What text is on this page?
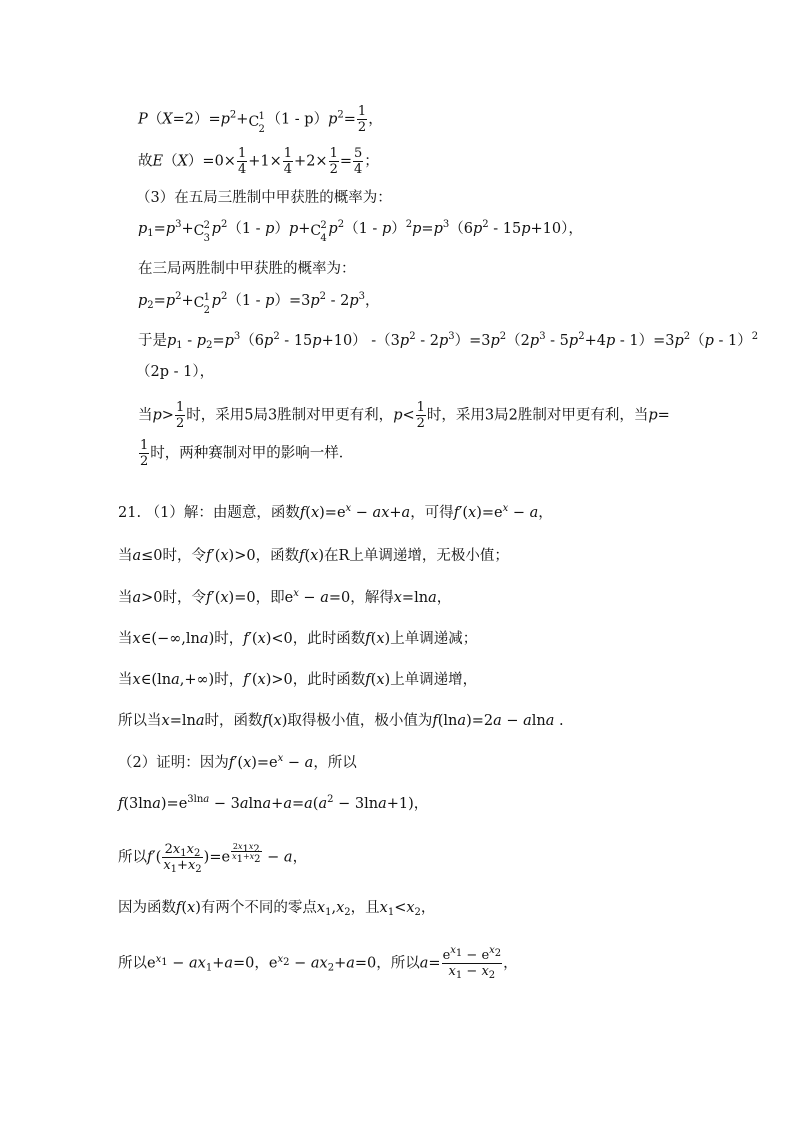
$P(X=2)=p^2+ C$ 1
2
$(1 - p)p^2= \frac{1}{2}$ ，
故$E(X)=0\times \frac{1}{4} +1\times \frac{1}{4} +2\times \frac{1}{2} = \frac{5}{4}$ ；
（3）在五局三胜制中甲获胜的概率为：
$p_1=p^3+ C$ 2
3
$p^2(1 - p)p+ C$ 2
4
$p^2(1 - p)^2p=p^3(6p^2 - 15p+10)$，
在三局两胜制中甲获胜的概率为：
$p_2=p^2+ C$ 1
2
$p^2(1 - p)=3p^2 - 2p^3$，
于是$p_1 - p_2=p^3(6p^2 - 15p+10)$ $-(3p^2 - 2p^3)=3p^2(2p^3 - 5p^2+4p - 1)=3p^2(p - 1)^2$
（2p - 1），
当$p> \frac{1}{2}$ 时，采用5局3胜制对甲更有利，$p< \frac{1}{2}$ 时，采用3局2胜制对甲更有利，当p=
$\frac{1}{2}$ 时，两种赛制对甲的影响一样．
21. （1）解：由题意，函数$f(x)=e^x - ax+a$，可得$f'(x)=e^x - a$，
当a≤0时，令f′(x)>0，函数f(x)在R上单调递增，无极小值；
当a>0时，令f′(x)=0，即$e^x - a=0$，解得x=lna，
当x∈(−∞,lna)时，f′(x)<0，此时函数f(x)上单调递减；
当x∈(lna,+∞)时，f′(x)>0，此时函数f(x)上单调递增，
所以当x=lna时，函数f(x)取得极小值，极小值为f(lna)=2a − alna .
（2）证明：因为$f'(x)=e^x - a$，所以
$f(3\ln a)=e^{3lna} - 3alna+a=a(a^2 - 3\ln a+1)$，
所以$f'( \frac{2x_1x_2}{x_1+x_2} )=e \frac{2x_1x_2}{x_1+x_2} - a$，
因为函数f(x)有两个不同的零点$x_1,x_2$，且$x_1<x_2$，
所以$e^{x_1} - ax_1+a=0$，$e^{x_2} - ax_2+a=0$，所以$a= \frac{e^{x_1} - e^{x_2}}{x_1 - x_2}$ ，
